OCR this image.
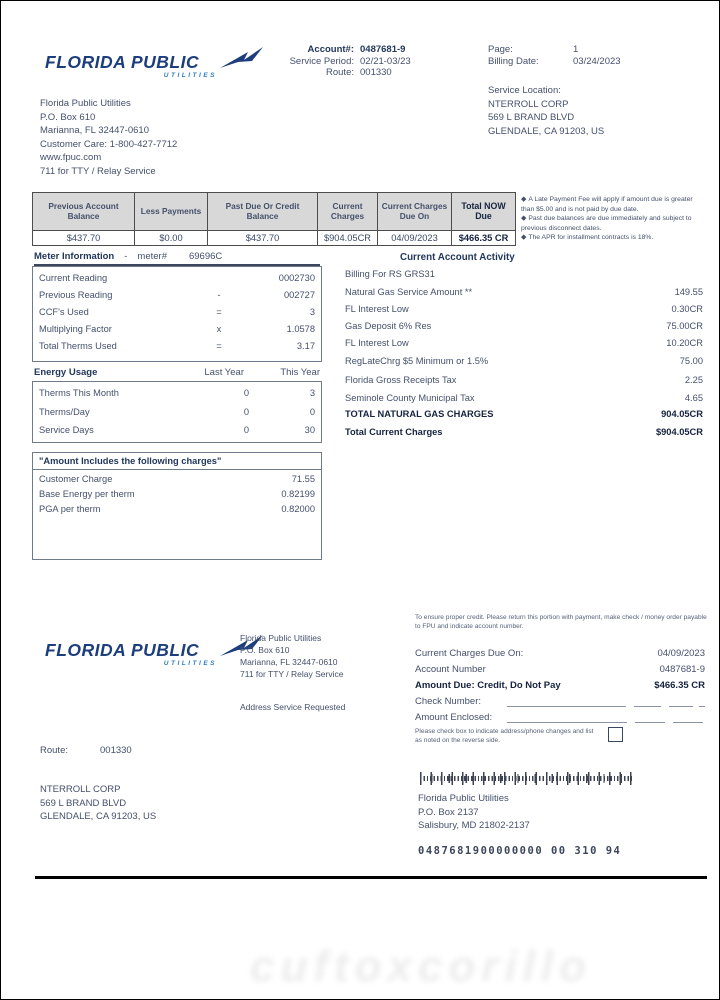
FLORIDA PUBLIC
UTILITIES
Account#: 0487681-9
Service Period: 02/21-03/23
Route: 001330
Page:	1
Billing Date:	03/24/2023
Service Location:
NTERROLL CORP
569 L BRAND BLVD
GLENDALE, CA 91203, US
Florida Public Utilities
P.O. Box 610
Marianna, FL 32447-0610
Customer Care: 1-800-427-7712
www.fpuc.com
711 for TTY / Relay Service
Previous Account Balance	Less Payments	Past Due Or Credit Balance	Current Charges	Current Charges Due On	Total NOW Due
$437.70	$0.00	$437.70	$904.05CR	04/09/2023	$466.35 CR
◆ A Late Payment Fee will apply if amount due is greater than $5.00 and is not paid by due date.
◆ Past due balances are due immediately and subject to previous disconnect dates.
◆ The APR for installment contracts is 18%.
Meter Information - meter# 69696C
Current Reading	0002730
Previous Reading	-	002727
CCF's Used	=	3
Multiplying Factor	x	1.0578
Total Therms Used	=	3.17
Energy Usage	Last Year	This Year
Therms This Month	0	3
Therms/Day	0	0
Service Days	0	30
Current Account Activity
Billing For RS GRS31
Natural Gas Service Amount **	149.55
FL Interest Low	0.30CR
Gas Deposit 6% Res	75.00CR
FL Interest Low	10.20CR
RegLateChrg $5 Minimum or 1.5%	75.00
Florida Gross Receipts Tax	2.25
Seminole County Municipal Tax	4.65
TOTAL NATURAL GAS CHARGES	904.05CR
Total Current Charges	$904.05CR
"Amount Includes the following charges"
Customer Charge	71.55
Base Energy per therm	0.82199
PGA per therm	0.82000
FLORIDA PUBLIC
UTILITIES
Florida Public Utilities
P.O. Box 610
Marianna, FL 32447-0610
711 for TTY / Relay Service
Address Service Requested
To ensure proper credit. Please return this portion with payment, make check / money order payable to FPU and indicate account number.
Current Charges Due On:	04/09/2023
Account Number	0487681-9
Amount Due: Credit, Do Not Pay	$466.35 CR
Check Number:
Amount Enclosed:
Please check box to indicate address/phone changes and list as noted on the reverse side.
Route:	001330
NTERROLL CORP
569 L BRAND BLVD
GLENDALE, CA 91203, US
Florida Public Utilities
P.O. Box 2137
Salisbury, MD 21802-2137
0487681900000000 00 310 94
cuftoxcorillo
